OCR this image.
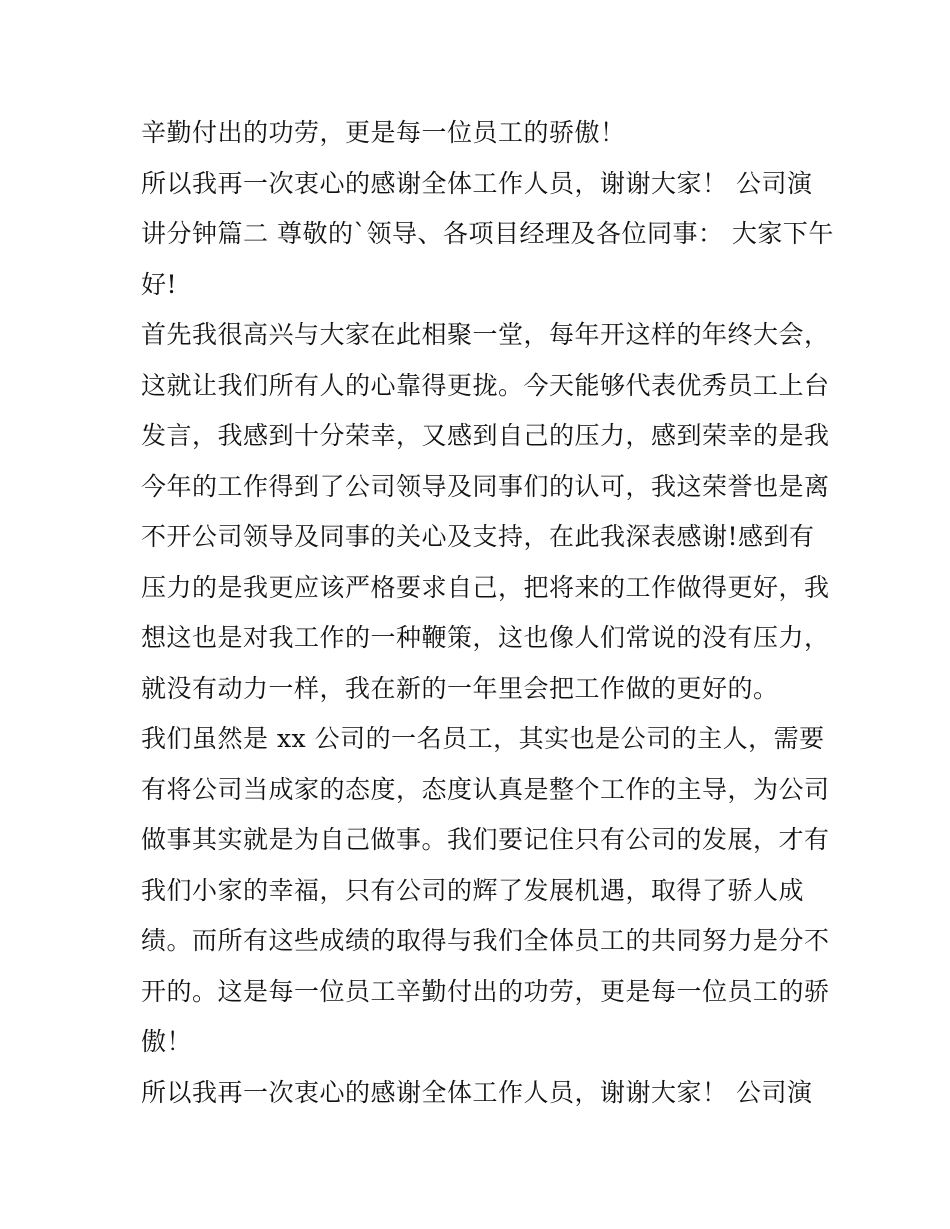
辛勤付出的功劳，更是每一位员工的骄傲！
所以我再一次衷心的感谢全体工作人员，谢谢大家！ 公司演
讲分钟篇二 尊敬的`领导、各项目经理及各位同事： 大家下午
好!
首先我很高兴与大家在此相聚一堂，每年开这样的年终大会，
这就让我们所有人的心靠得更拢。今天能够代表优秀员工上台
发言，我感到十分荣幸，又感到自己的压力，感到荣幸的是我
今年的工作得到了公司领导及同事们的认可，我这荣誉也是离
不开公司领导及同事的关心及支持，在此我深表感谢!感到有
压力的是我更应该严格要求自己，把将来的工作做得更好，我
想这也是对我工作的一种鞭策，这也像人们常说的没有压力，
就没有动力一样，我在新的一年里会把工作做的更好的。
我们虽然是 xx 公司的一名员工，其实也是公司的主人，需要
有将公司当成家的态度，态度认真是整个工作的主导，为公司
做事其实就是为自己做事。我们要记住只有公司的发展，才有
我们小家的幸福，只有公司的辉了发展机遇，取得了骄人成
绩。而所有这些成绩的取得与我们全体员工的共同努力是分不
开的。这是每一位员工辛勤付出的功劳，更是每一位员工的骄
傲！
所以我再一次衷心的感谢全体工作人员，谢谢大家！ 公司演
